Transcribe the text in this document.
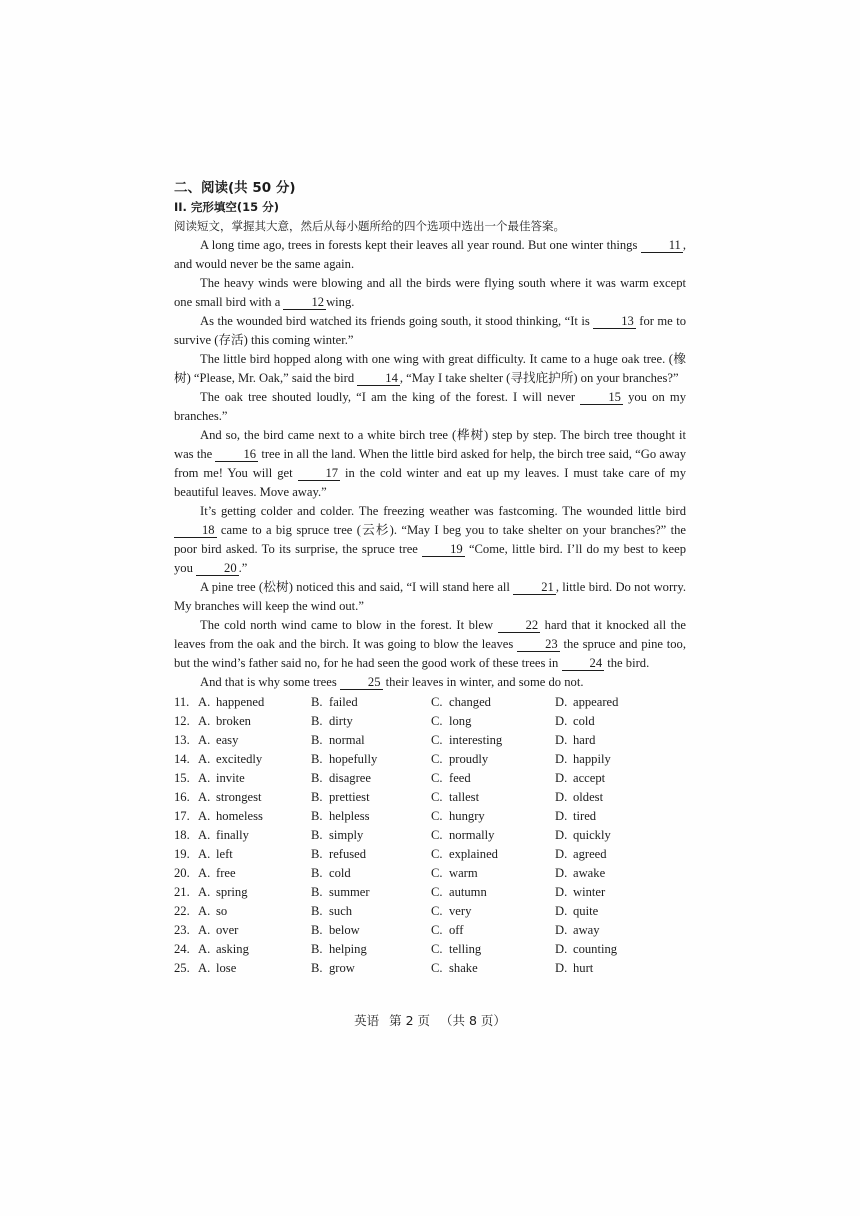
二、阅读(共 50 分)
II. 完形填空(15 分)
阅读短文，掌握其大意，然后从每小题所给的四个选项中选出一个最佳答案。

A long time ago, trees in forests kept their leaves all year round. But one winter things 11 , and would never be the same again.

The heavy winds were blowing and all the birds were flying south where it was warm except one small bird with a 12 wing.

As the wounded bird watched its friends going south, it stood thinking, “It is 13 for me to survive (存活) this coming winter.”

The little bird hopped along with one wing with great difficulty. It came to a huge oak tree. (橡树) “Please, Mr. Oak,” said the bird 14 , “May I take shelter (寻找庇护所) on your branches?”

The oak tree shouted loudly, “I am the king of the forest. I will never 15 you on my branches.”

And so, the bird came next to a white birch tree (桦树) step by step. The birch tree thought it was the 16 tree in all the land. When the little bird asked for help, the birch tree said, “Go away from me! You will get 17 in the cold winter and eat up my leaves. I must take care of my beautiful leaves. Move away.”

It’s getting colder and colder. The freezing weather was fastcoming. The wounded little bird 18 came to a big spruce tree (云杉). “May I beg you to take shelter on your branches?” the poor bird asked. To its surprise, the spruce tree 19 “Come, little bird. I’ll do my best to keep you 20 .”

A pine tree (松树) noticed this and said, “I will stand here all 21 , little bird. Do not worry. My branches will keep the wind out.”

The cold north wind came to blow in the forest. It blew 22 hard that it knocked all the leaves from the oak and the birch. It was going to blow the leaves 23 the spruce and pine too, but the wind’s father said no, for he had seen the good work of these trees in 24 the bird.

And that is why some trees 25 their leaves in winter, and some do not.

11. A. happened	B. failed	C. changed	D. appeared
12. A. broken	B. dirty	C. long	D. cold
13. A. easy	B. normal	C. interesting	D. hard
14. A. excitedly	B. hopefully	C. proudly	D. happily
15. A. invite	B. disagree	C. feed	D. accept
16. A. strongest	B. prettiest	C. tallest	D. oldest
17. A. homeless	B. helpless	C. hungry	D. tired
18. A. finally	B. simply	C. normally	D. quickly
19. A. left	B. refused	C. explained	D. agreed
20. A. free	B. cold	C. warm	D. awake
21. A. spring	B. summer	C. autumn	D. winter
22. A. so	B. such	C. very	D. quite
23. A. over	B. below	C. off	D. away
24. A. asking	B. helping	C. telling	D. counting
25. A. lose	B. grow	C. shake	D. hurt
英语 第 2 页 （共 8 页）
